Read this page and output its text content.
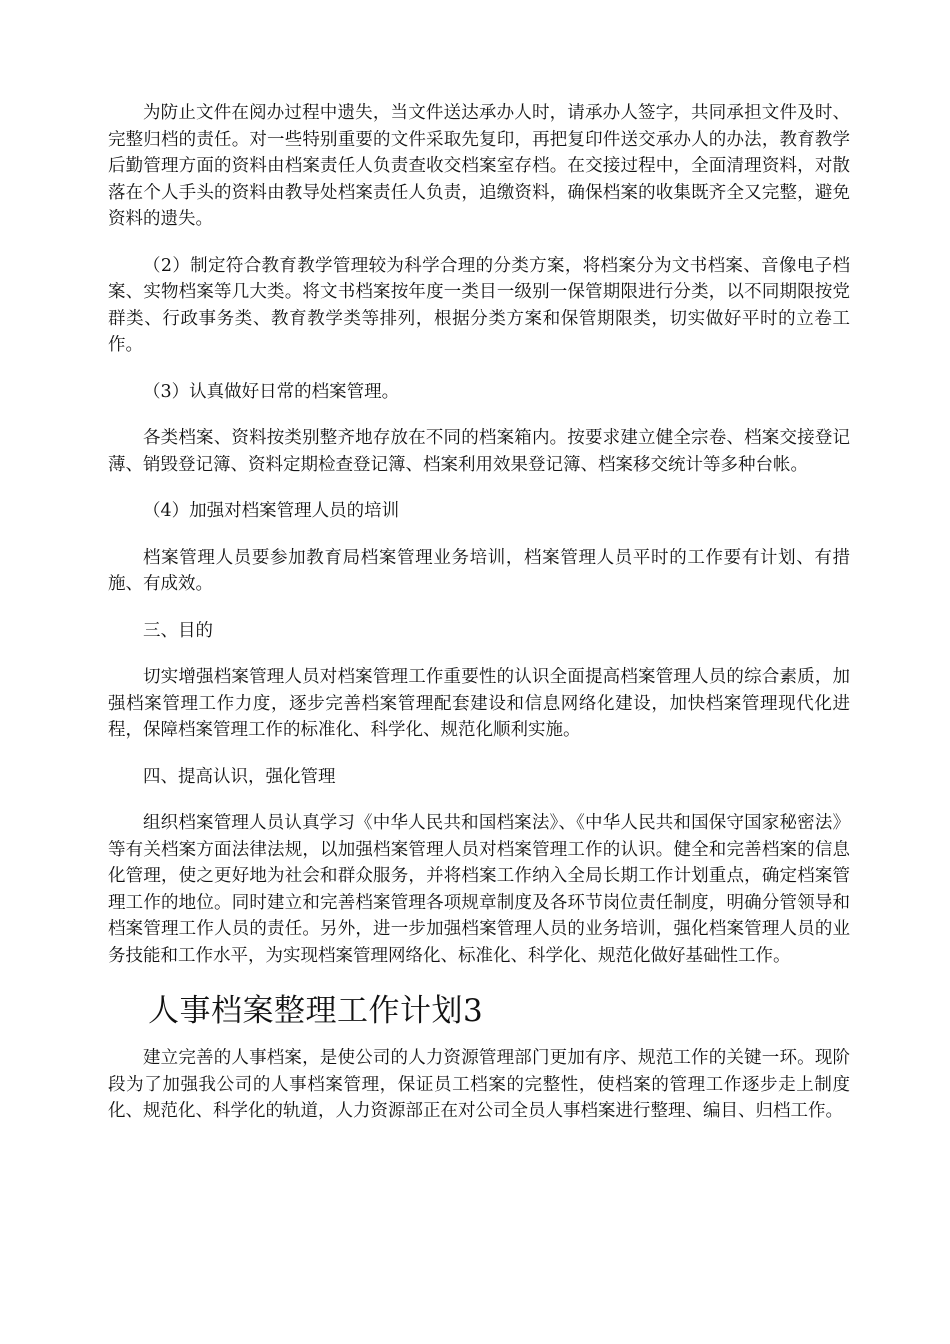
为防止文件在阅办过程中遗失，当文件送达承办人时，请承办人签字，共同承担文件及时、完整归档的责任。对一些特别重要的文件采取先复印，再把复印件送交承办人的办法，教育教学后勤管理方面的资料由档案责任人负责查收交档案室存档。在交接过程中，全面清理资料，对散落在个人手头的资料由教导处档案责任人负责，追缴资料，确保档案的收集既齐全又完整，避免资料的遗失。

（2）制定符合教育教学管理较为科学合理的分类方案，将档案分为文书档案、音像电子档案、实物档案等几大类。将文书档案按年度一类目一级别一保管期限进行分类，以不同期限按党群类、行政事务类、教育教学类等排列，根据分类方案和保管期限类，切实做好平时的立卷工作。

（3）认真做好日常的档案管理。

各类档案、资料按类别整齐地存放在不同的档案箱内。按要求建立健全宗卷、档案交接登记薄、销毁登记簿、资料定期检查登记簿、档案利用效果登记簿、档案移交统计等多种台帐。

（4）加强对档案管理人员的培训

档案管理人员要参加教育局档案管理业务培训，档案管理人员平时的工作要有计划、有措施、有成效。

三、目的

切实增强档案管理人员对档案管理工作重要性的认识全面提高档案管理人员的综合素质，加强档案管理工作力度，逐步完善档案管理配套建设和信息网络化建设，加快档案管理现代化进程，保障档案管理工作的标准化、科学化、规范化顺利实施。

四、提高认识，强化管理

组织档案管理人员认真学习《中华人民共和国档案法》、《中华人民共和国保守国家秘密法》等有关档案方面法律法规，以加强档案管理人员对档案管理工作的认识。健全和完善档案的信息化管理，使之更好地为社会和群众服务，并将档案工作纳入全局长期工作计划重点，确定档案管理工作的地位。同时建立和完善档案管理各项规章制度及各环节岗位责任制度，明确分管领导和档案管理工作人员的责任。另外，进一步加强档案管理人员的业务培训，强化档案管理人员的业务技能和工作水平，为实现档案管理网络化、标准化、科学化、规范化做好基础性工作。

人事档案整理工作计划3

建立完善的人事档案，是使公司的人力资源管理部门更加有序、规范工作的关键一环。现阶段为了加强我公司的人事档案管理，保证员工档案的完整性，使档案的管理工作逐步走上制度化、规范化、科学化的轨道，人力资源部正在对公司全员人事档案进行整理、编目、归档工作。
